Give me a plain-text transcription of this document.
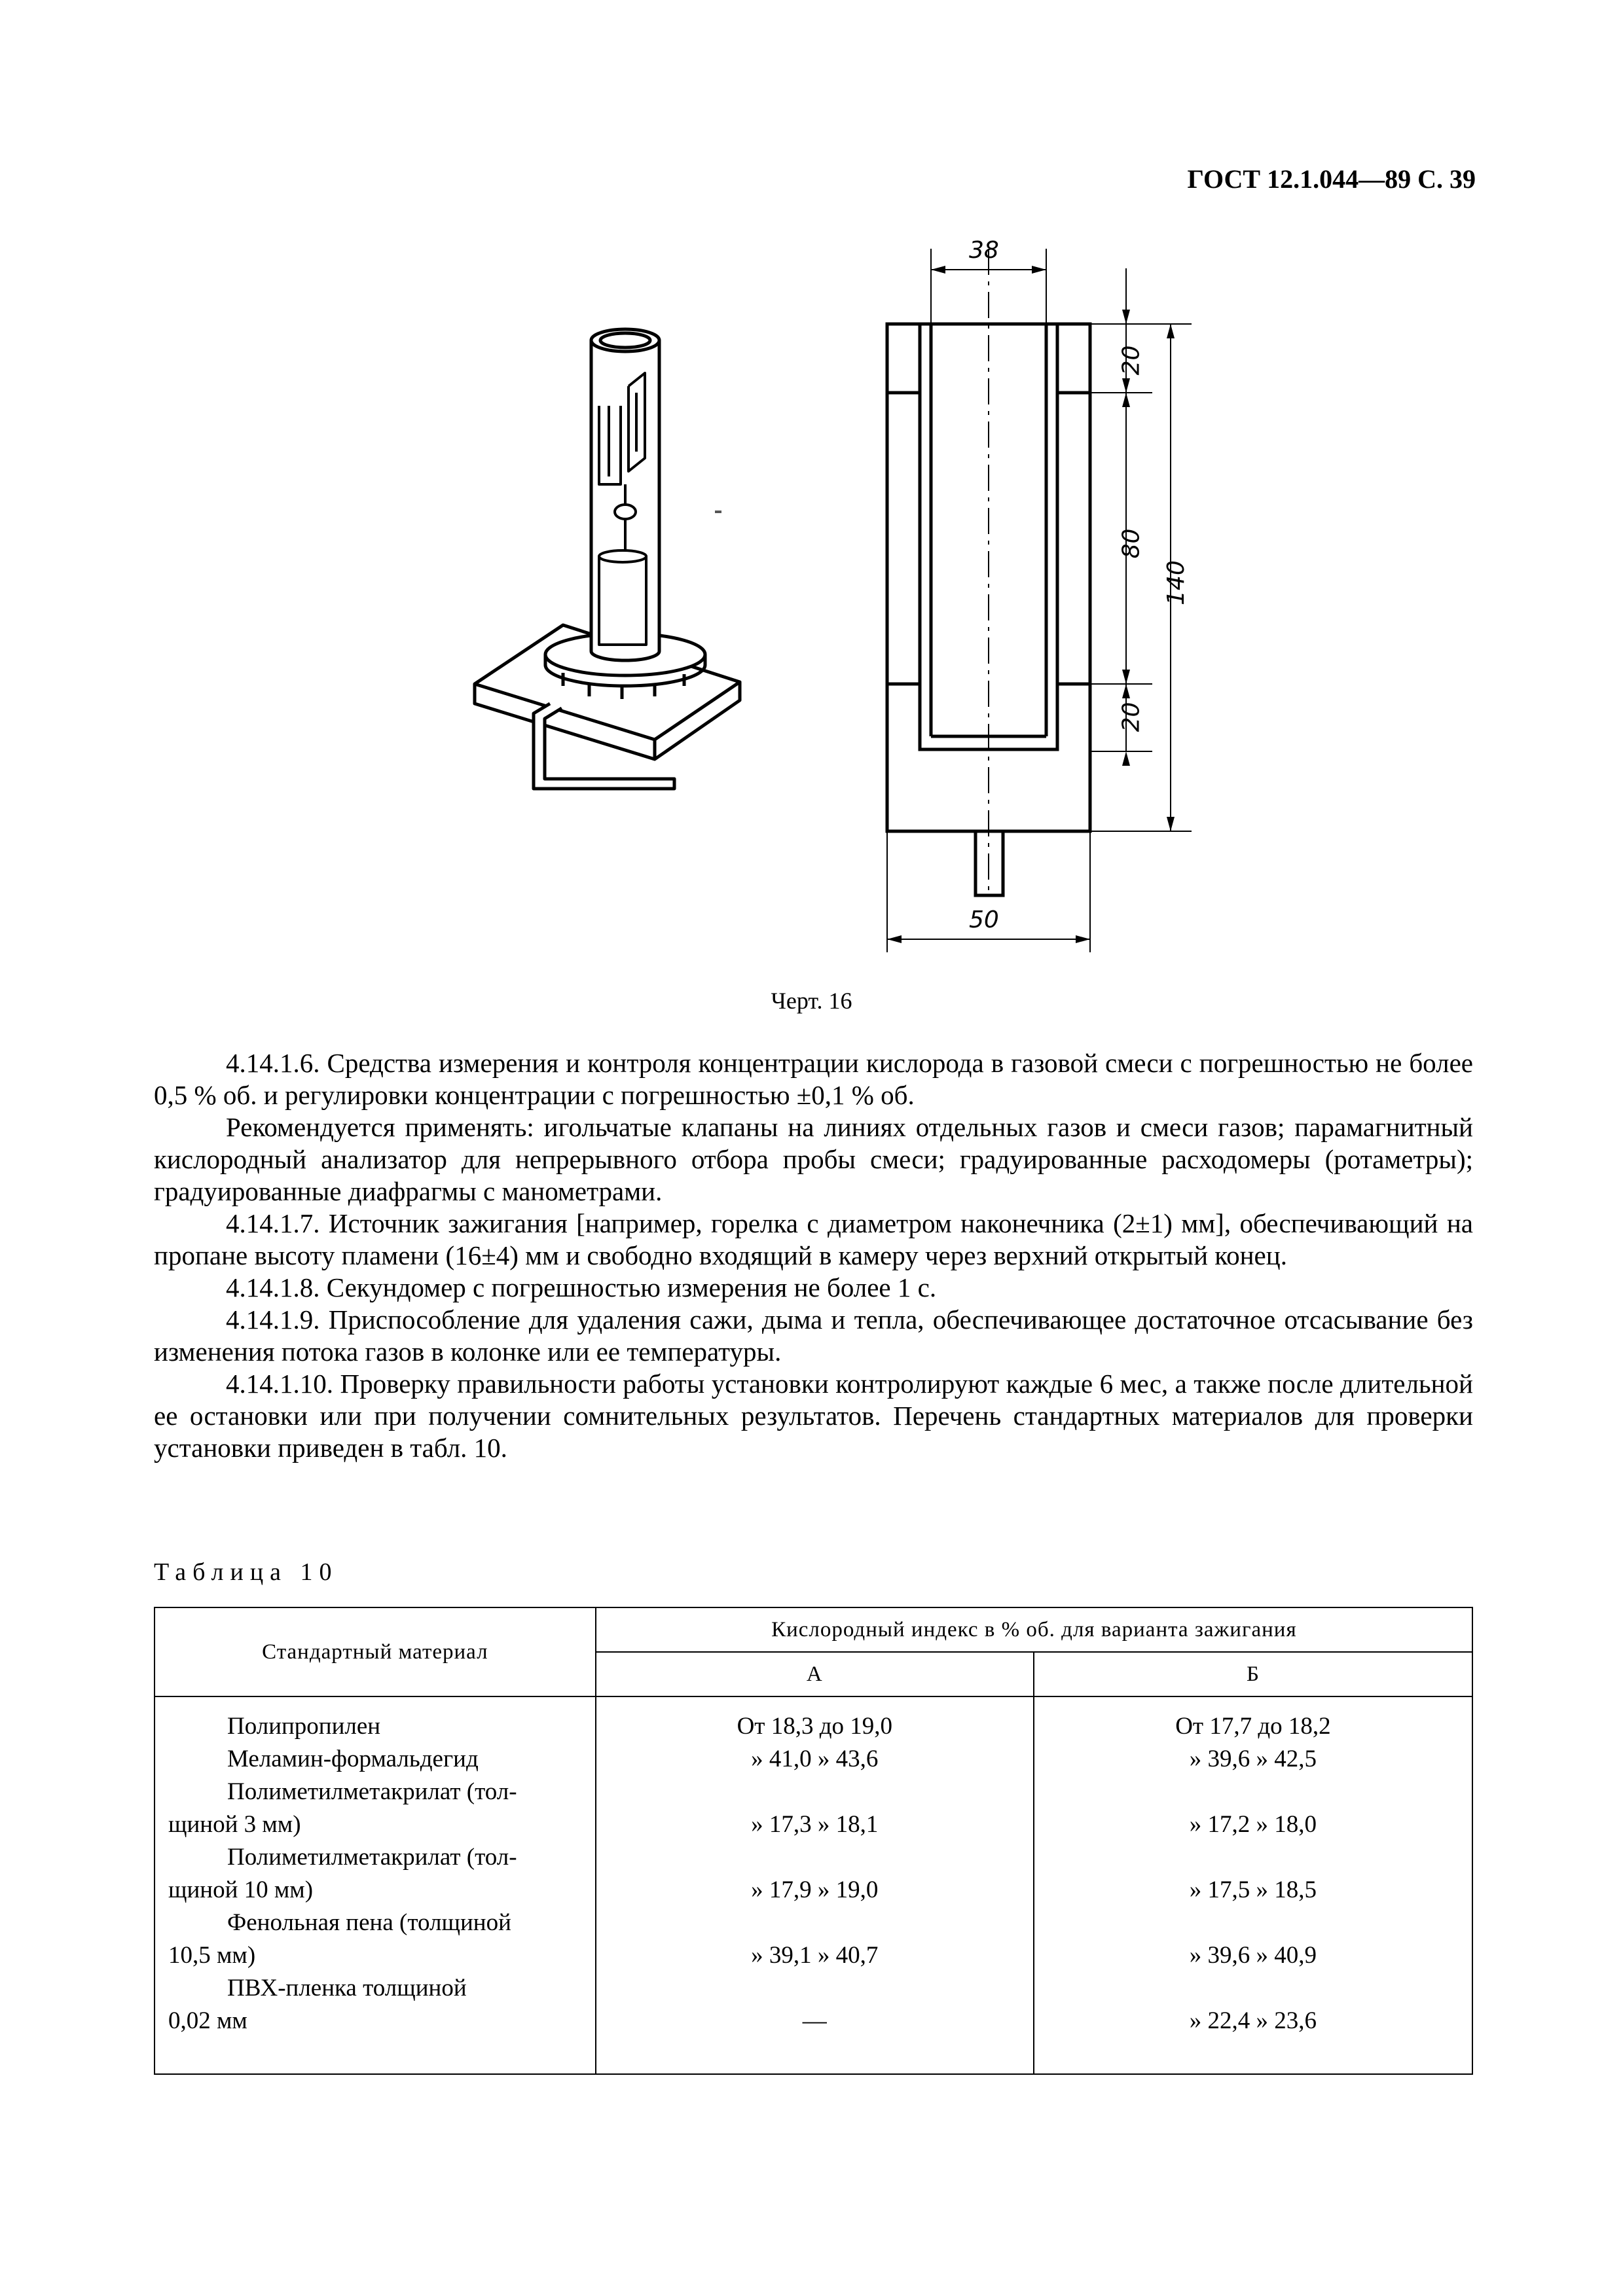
ГОСТ 12.1.044—89 С. 39
38
20
80
140
20
50
Черт. 16

4.14.1.6. Средства измерения и контроля концентрации кислорода в газовой смеси с погрешностью не более 0,5 % об. и регулировки концентрации с погрешностью ±0,1 % об.

Рекомендуется применять: игольчатые клапаны на линиях отдельных газов и смеси газов; парамагнитный кислородный анализатор для непрерывного отбора пробы смеси; градуированные расходомеры (ротаметры); градуированные диафрагмы с манометрами.

4.14.1.7. Источник зажигания [например, горелка с диаметром наконечника (2±1) мм], обеспечивающий на пропане высоту пламени (16±4) мм и свободно входящий в камеру через верхний открытый конец.

4.14.1.8. Секундомер с погрешностью измерения не более 1 с.

4.14.1.9. Приспособление для удаления сажи, дыма и тепла, обеспечивающее достаточное отсасывание без изменения потока газов в колонке или ее температуры.

4.14.1.10. Проверку правильности работы установки контролируют каждые 6 мес, а также после длительной ее остановки или при получении сомнительных результатов. Перечень стандартных материалов для проверки установки приведен в табл. 10.

Таблица 10
Стандартный материал	Кислородный индекс в % об. для варианта зажигания	
	А	Б

Полипропилен	От 18,3 до 19,0	От 17,7 до 18,2

Меламин-формальдегид	» 41,0 » 43,6	» 39,6 » 42,5

Полиметилметакрилат (тол-
щиной 3 мм)	» 17,3 » 18,1	» 17,2 » 18,0

Полиметилметакрилат (тол-
щиной 10 мм)	» 17,9 » 19,0	» 17,5 » 18,5

Фенольная пена (толщиной
10,5 мм)	» 39,1 » 40,7	» 39,6 » 40,9

ПВХ-пленка толщиной
0,02 мм	—	» 22,4 » 23,6
